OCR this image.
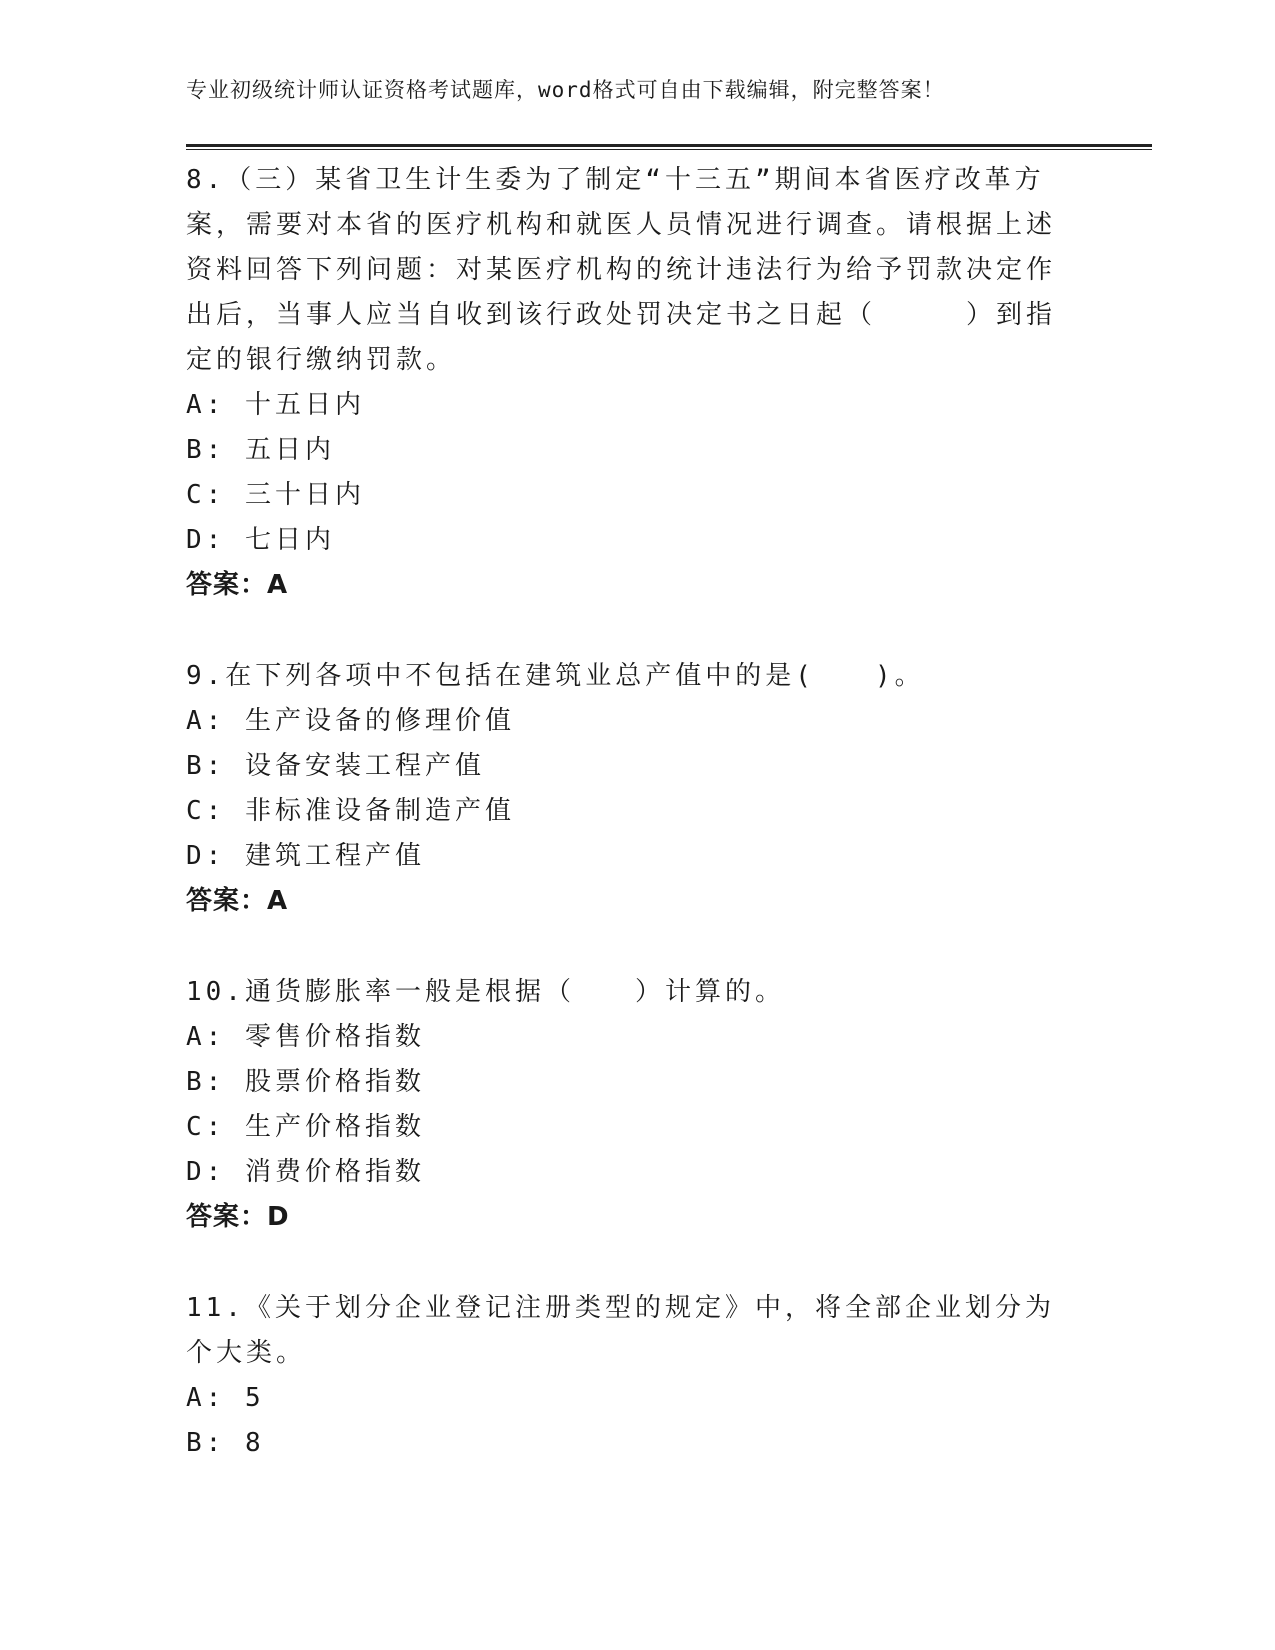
专业初级统计师认证资格考试题库，word格式可自由下载编辑，附完整答案！

8.（三）某省卫生计生委为了制定“十三五”期间本省医疗改革方案，需要对本省的医疗机构和就医人员情况进行调查。请根据上述资料回答下列问题：对某医疗机构的统计违法行为给予罚款决定作出后，当事人应当自收到该行政处罚决定书之日起（　　　）到指定的银行缴纳罚款。

A: 十五日内

B: 五日内

C: 三十日内

D: 七日内

答案：A

9.在下列各项中不包括在建筑业总产值中的是(　　)。

A: 生产设备的修理价值

B: 设备安装工程产值

C: 非标准设备制造产值

D: 建筑工程产值

答案：A

10.通货膨胀率一般是根据（　　）计算的。

A: 零售价格指数

B: 股票价格指数

C: 生产价格指数

D: 消费价格指数

答案：D

11.《关于划分企业登记注册类型的规定》中，将全部企业划分为个大类。

A: 5

B: 8
